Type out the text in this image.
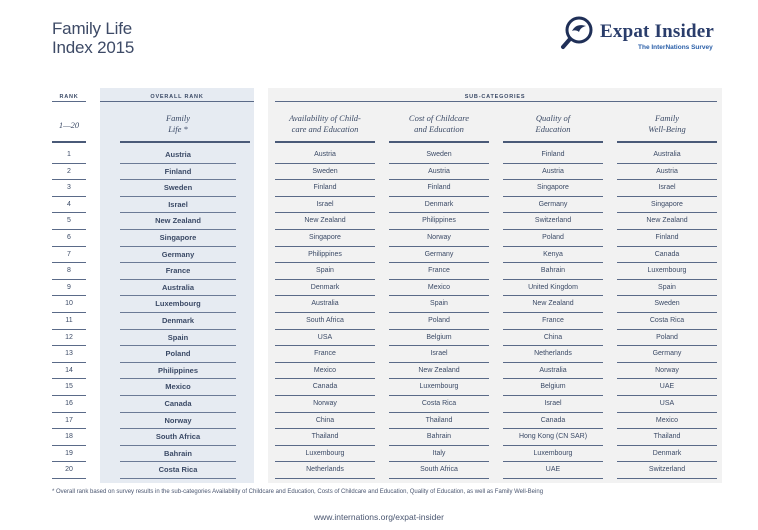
Family Life
Index 2015
Expat Insider
The InterNations Survey
RANK	OVERALL RANK	SUB-CATEGORIES
1—20
Family
Life *
Availability of Child-
care and Education
Cost of Childcare
and Education
Quality of
Education
Family
Well-Being
1	Austria	Austria	Sweden	Finland	Australia
2	Finland	Sweden	Austria	Austria	Austria
3	Sweden	Finland	Finland	Singapore	Israel
4	Israel	Israel	Denmark	Germany	Singapore
5	New Zealand	New Zealand	Philippines	Switzerland	New Zealand
6	Singapore	Singapore	Norway	Poland	Finland
7	Germany	Philippines	Germany	Kenya	Canada
8	France	Spain	France	Bahrain	Luxembourg
9	Australia	Denmark	Mexico	United Kingdom	Spain
10	Luxembourg	Australia	Spain	New Zealand	Sweden
11	Denmark	South Africa	Poland	France	Costa Rica
12	Spain	USA	Belgium	China	Poland
13	Poland	France	Israel	Netherlands	Germany
14	Philippines	Mexico	New Zealand	Australia	Norway
15	Mexico	Canada	Luxembourg	Belgium	UAE
16	Canada	Norway	Costa Rica	Israel	USA
17	Norway	China	Thailand	Canada	Mexico
18	South Africa	Thailand	Bahrain	Hong Kong (CN SAR)	Thailand
19	Bahrain	Luxembourg	Italy	Luxembourg	Denmark
20	Costa Rica	Netherlands	South Africa	UAE	Switzerland
* Overall rank based on survey results in the sub-categories Availability of Childcare and Education, Costs of Childcare and Education, Quality of Education, as well as Family Well-Being
www.internations.org/expat-insider
